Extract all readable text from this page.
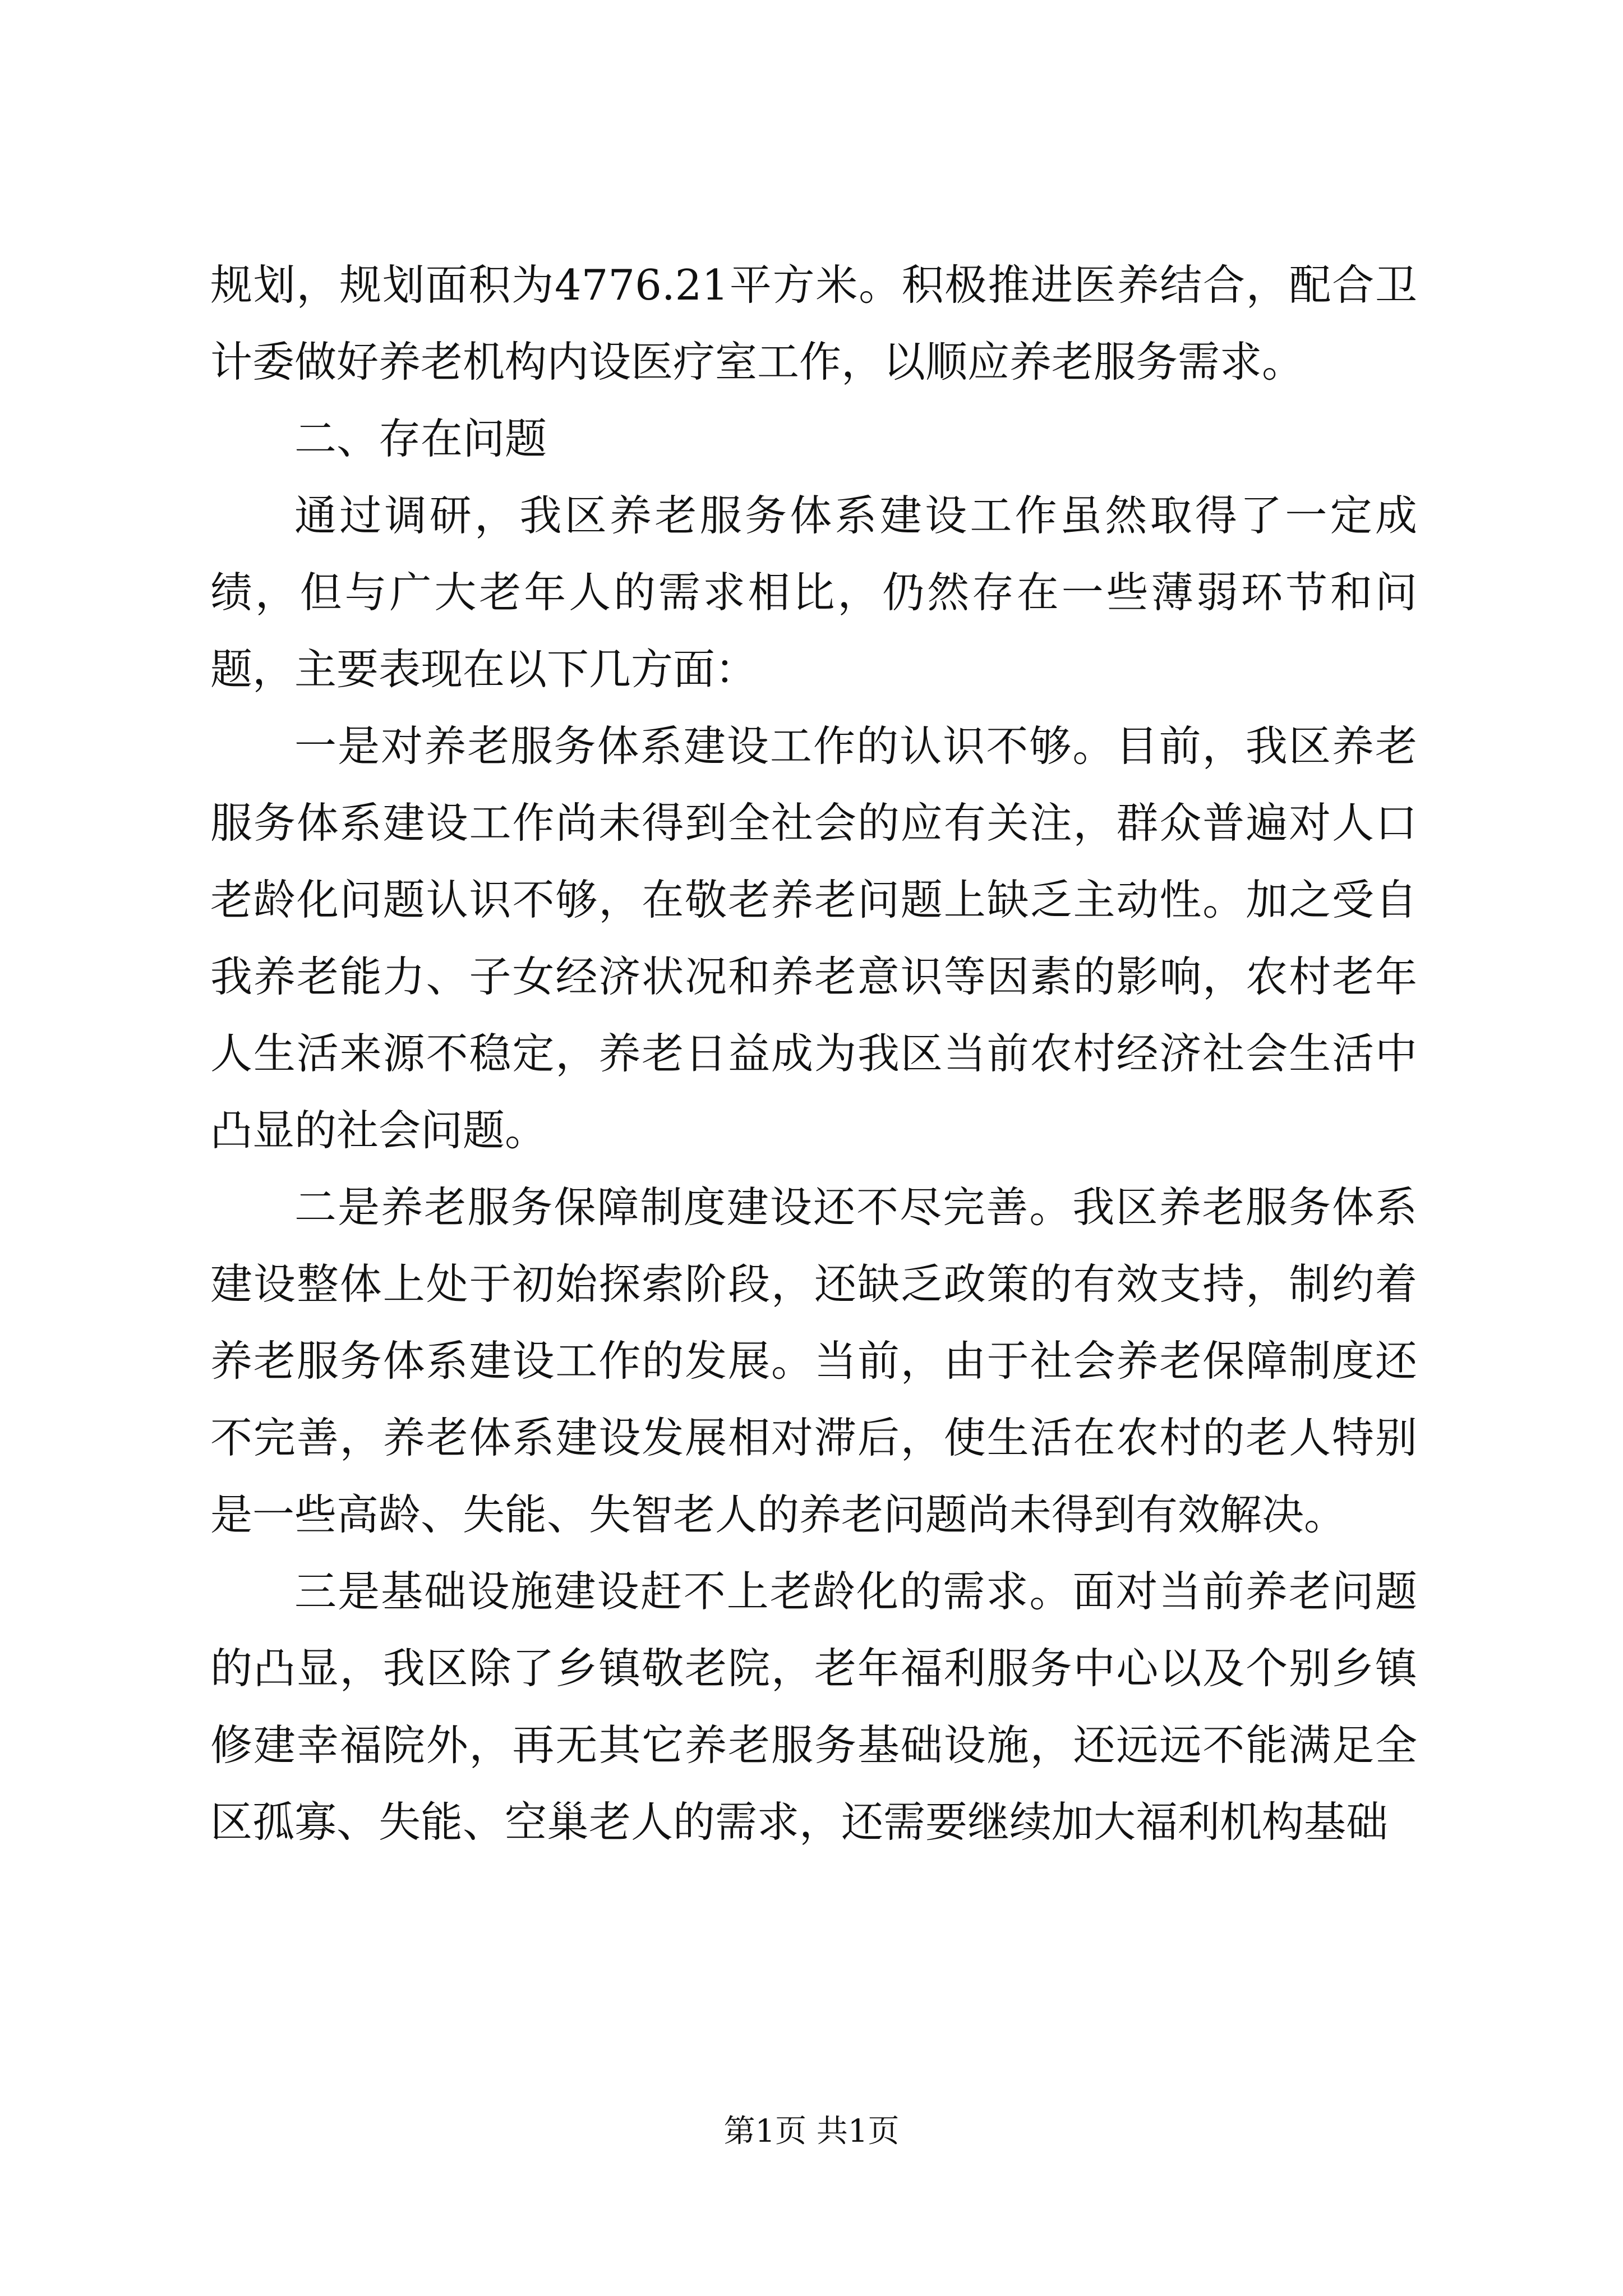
规划，规划面积为4776.21平方米。积极推进医养结合，配合卫计委做好养老机构内设医疗室工作，以顺应养老服务需求。

二、存在问题

通过调研，我区养老服务体系建设工作虽然取得了一定成绩，但与广大老年人的需求相比，仍然存在一些薄弱环节和问题，主要表现在以下几方面：

一是对养老服务体系建设工作的认识不够。目前，我区养老服务体系建设工作尚未得到全社会的应有关注，群众普遍对人口老龄化问题认识不够，在敬老养老问题上缺乏主动性。加之受自我养老能力、子女经济状况和养老意识等因素的影响，农村老年人生活来源不稳定，养老日益成为我区当前农村经济社会生活中凸显的社会问题。

二是养老服务保障制度建设还不尽完善。我区养老服务体系建设整体上处于初始探索阶段，还缺乏政策的有效支持，制约着养老服务体系建设工作的发展。当前，由于社会养老保障制度还不完善，养老体系建设发展相对滞后，使生活在农村的老人特别是一些高龄、失能、失智老人的养老问题尚未得到有效解决。

三是基础设施建设赶不上老龄化的需求。面对当前养老问题的凸显，我区除了乡镇敬老院，老年福利服务中心以及个别乡镇修建幸福院外，再无其它养老服务基础设施，还远远不能满足全区孤寡、失能、空巢老人的需求，还需要继续加大福利机构基础

第1页 共1页
